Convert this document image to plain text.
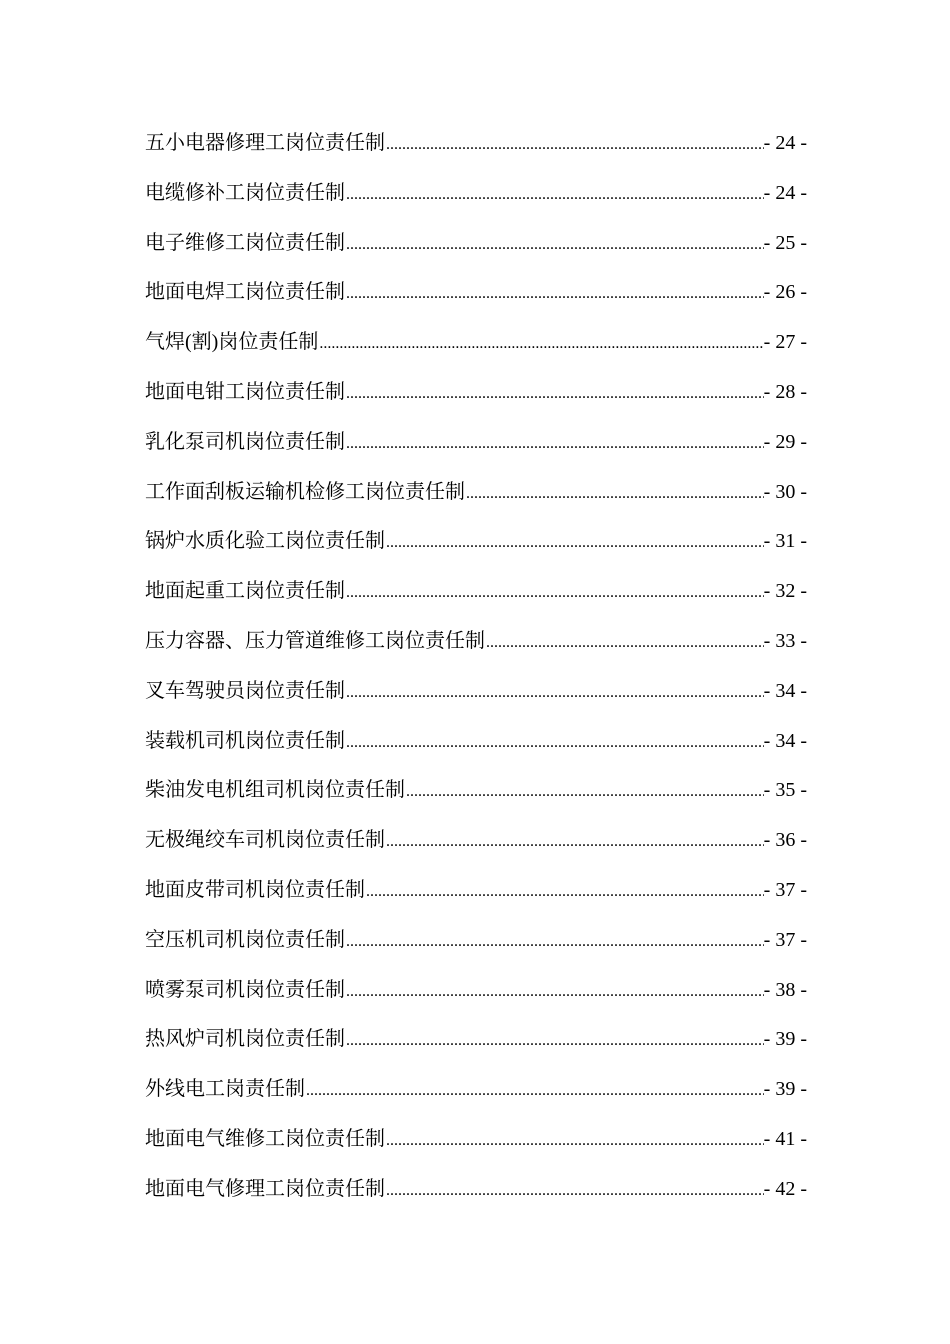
五小电器修理工岗位责任制 .....	- 24 -
电缆修补工岗位责任制 .....	- 24 -
电子维修工岗位责任制 .....	- 25 -
地面电焊工岗位责任制 .....	- 26 -
气焊(割)岗位责任制 .....	- 27 -
地面电钳工岗位责任制 .....	- 28 -
乳化泵司机岗位责任制 .....	- 29 -
工作面刮板运输机检修工岗位责任制 .....	- 30 -
锅炉水质化验工岗位责任制 .....	- 31 -
地面起重工岗位责任制 .....	- 32 -
压力容器、压力管道维修工岗位责任制 .....	- 33 -
叉车驾驶员岗位责任制 .....	- 34 -
装载机司机岗位责任制 .....	- 34 -
柴油发电机组司机岗位责任制 .....	- 35 -
无极绳绞车司机岗位责任制 .....	- 36 -
地面皮带司机岗位责任制 .....	- 37 -
空压机司机岗位责任制 .....	- 37 -
喷雾泵司机岗位责任制 .....	- 38 -
热风炉司机岗位责任制 .....	- 39 -
外线电工岗责任制 .....	- 39 -
地面电气维修工岗位责任制 .....	- 41 -
地面电气修理工岗位责任制 .....	- 42 -
